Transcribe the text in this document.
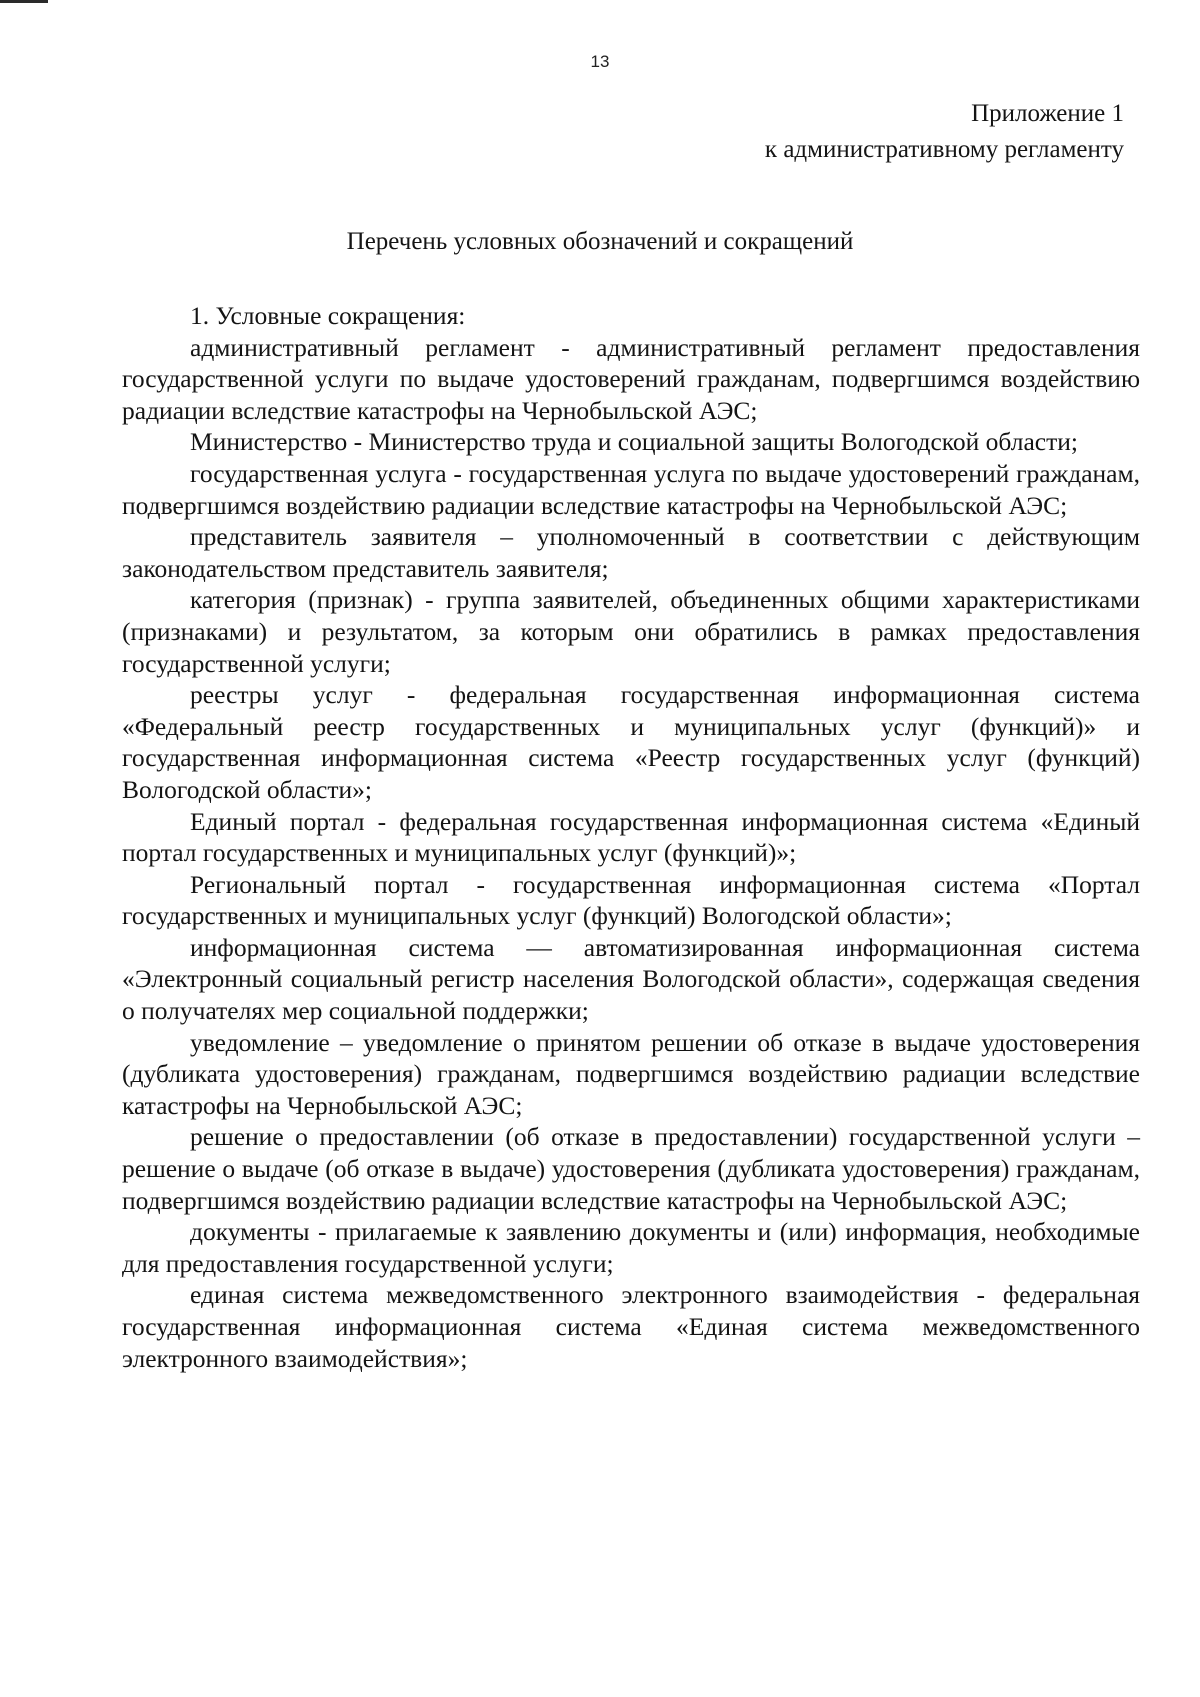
13
Приложение 1
к административному регламенту
Перечень условных обозначений и сокращений

1. Условные сокращения:

административный регламент - административный регламент предоставления государственной услуги по выдаче удостоверений гражданам, подвергшимся воздействию радиации вследствие катастрофы на Чернобыльской АЭС;

Министерство - Министерство труда и социальной защиты Вологодской области;

государственная услуга - государственная услуга по выдаче удостоверений гражданам, подвергшимся воздействию радиации вследствие катастрофы на Чернобыльской АЭС;

представитель заявителя – уполномоченный в соответствии с действующим законодательством представитель заявителя;

категория (признак) - группа заявителей, объединенных общими характеристиками (признаками) и результатом, за которым они обратились в рамках предоставления государственной услуги;

реестры услуг - федеральная государственная информационная система «Федеральный реестр государственных и муниципальных услуг (функций)» и государственная информационная система «Реестр государственных услуг (функций) Вологодской области»;

Единый портал - федеральная государственная информационная система «Единый портал государственных и муниципальных услуг (функций)»;

Региональный портал - государственная информационная система «Портал государственных и муниципальных услуг (функций) Вологодской области»;

информационная система — автоматизированная информационная система «Электронный социальный регистр населения Вологодской области», содержащая сведения о получателях мер социальной поддержки;

уведомление – уведомление о принятом решении об отказе в выдаче удостоверения (дубликата удостоверения) гражданам, подвергшимся воздействию радиации вследствие катастрофы на Чернобыльской АЭС;

решение о предоставлении (об отказе в предоставлении) государственной услуги – решение о выдаче (об отказе в выдаче) удостоверения (дубликата удостоверения) гражданам, подвергшимся воздействию радиации вследствие катастрофы на Чернобыльской АЭС;

документы - прилагаемые к заявлению документы и (или) информация, необходимые для предоставления государственной услуги;

единая система межведомственного электронного взаимодействия - федеральная государственная информационная система «Единая система межведомственного электронного взаимодействия»;
